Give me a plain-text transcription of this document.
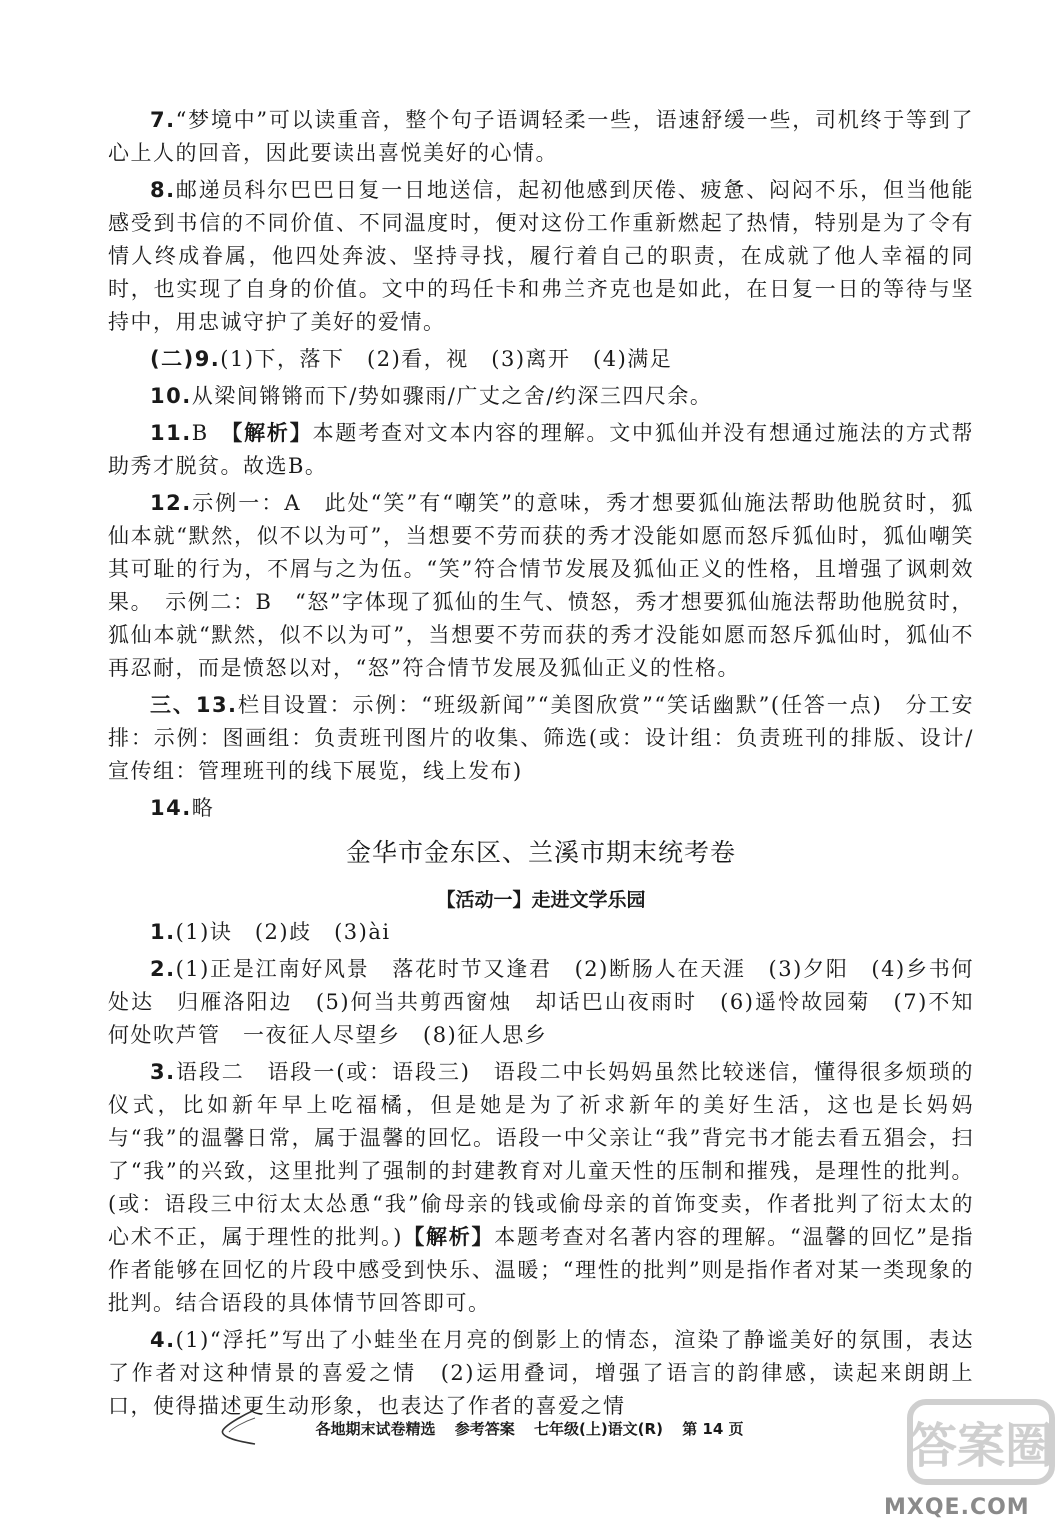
7.“梦境中”可以读重音，整个句子语调轻柔一些，语速舒缓一些，司机终于等到了心上人的回音，因此要读出喜悦美好的心情。

8.邮递员科尔巴巴日复一日地送信，起初他感到厌倦、疲惫、闷闷不乐，但当他能感受到书信的不同价值、不同温度时，便对这份工作重新燃起了热情，特别是为了令有情人终成眷属，他四处奔波、坚持寻找，履行着自己的职责，在成就了他人幸福的同时，也实现了自身的价值。文中的玛任卡和弗兰齐克也是如此，在日复一日的等待与坚持中，用忠诚守护了美好的爱情。

(二)9.(1)下，落下　(2)看，视　(3)离开　(4)满足

10.从梁间锵锵而下/势如骤雨/广丈之舍/约深三四尺余。

11.B　【解析】本题考查对文本内容的理解。文中狐仙并没有想通过施法的方式帮助秀才脱贫。故选B。

12.示例一：A　此处“笑”有“嘲笑”的意味，秀才想要狐仙施法帮助他脱贫时，狐仙本就“默然，似不以为可”，当想要不劳而获的秀才没能如愿而怒斥狐仙时，狐仙嘲笑其可耻的行为，不屑与之为伍。“笑”符合情节发展及狐仙正义的性格，且增强了讽刺效果。　示例二：B　“怒”字体现了狐仙的生气、愤怒，秀才想要狐仙施法帮助他脱贫时，狐仙本就“默然，似不以为可”，当想要不劳而获的秀才没能如愿而怒斥狐仙时，狐仙不再忍耐，而是愤怒以对，“怒”符合情节发展及狐仙正义的性格。

三、13.栏目设置：示例：“班级新闻”“美图欣赏”“笑话幽默”(任答一点)　分工安排：示例：图画组：负责班刊图片的收集、筛选(或：设计组：负责班刊的排版、设计/宣传组：管理班刊的线下展览，线上发布)

14.略

金华市金东区、兰溪市期末统考卷
【活动一】走进文学乐园

1.(1)诀　(2)歧　(3)ài

2.(1)正是江南好风景　落花时节又逢君　(2)断肠人在天涯　(3)夕阳　(4)乡书何处达　归雁洛阳边　(5)何当共剪西窗烛　却话巴山夜雨时　(6)遥怜故园菊　(7)不知何处吹芦管　一夜征人尽望乡　(8)征人思乡

3.语段二　语段一(或：语段三)　语段二中长妈妈虽然比较迷信，懂得很多烦琐的仪式，比如新年早上吃福橘，但是她是为了祈求新年的美好生活，这也是长妈妈与“我”的温馨日常，属于温馨的回忆。语段一中父亲让“我”背完书才能去看五猖会，扫了“我”的兴致，这里批判了强制的封建教育对儿童天性的压制和摧残，是理性的批判。(或：语段三中衍太太怂恿“我”偷母亲的钱或偷母亲的首饰变卖，作者批判了衍太太的心术不正，属于理性的批判。)【解析】本题考查对名著内容的理解。“温馨的回忆”是指作者能够在回忆的片段中感受到快乐、温暖；“理性的批判”则是指作者对某一类现象的批判。结合语段的具体情节回答即可。

4.(1)“浮托”写出了小蛙坐在月亮的倒影上的情态，渲染了静谧美好的氛围，表达了作者对这种情景的喜爱之情　(2)运用叠词，增强了语言的韵律感，读起来朗朗上口，使得描述更生动形象，也表达了作者的喜爱之情

各地期末试卷精选 参考答案 七年级(上)语文(R) 第 14 页	答案圈
MXQE.COM
